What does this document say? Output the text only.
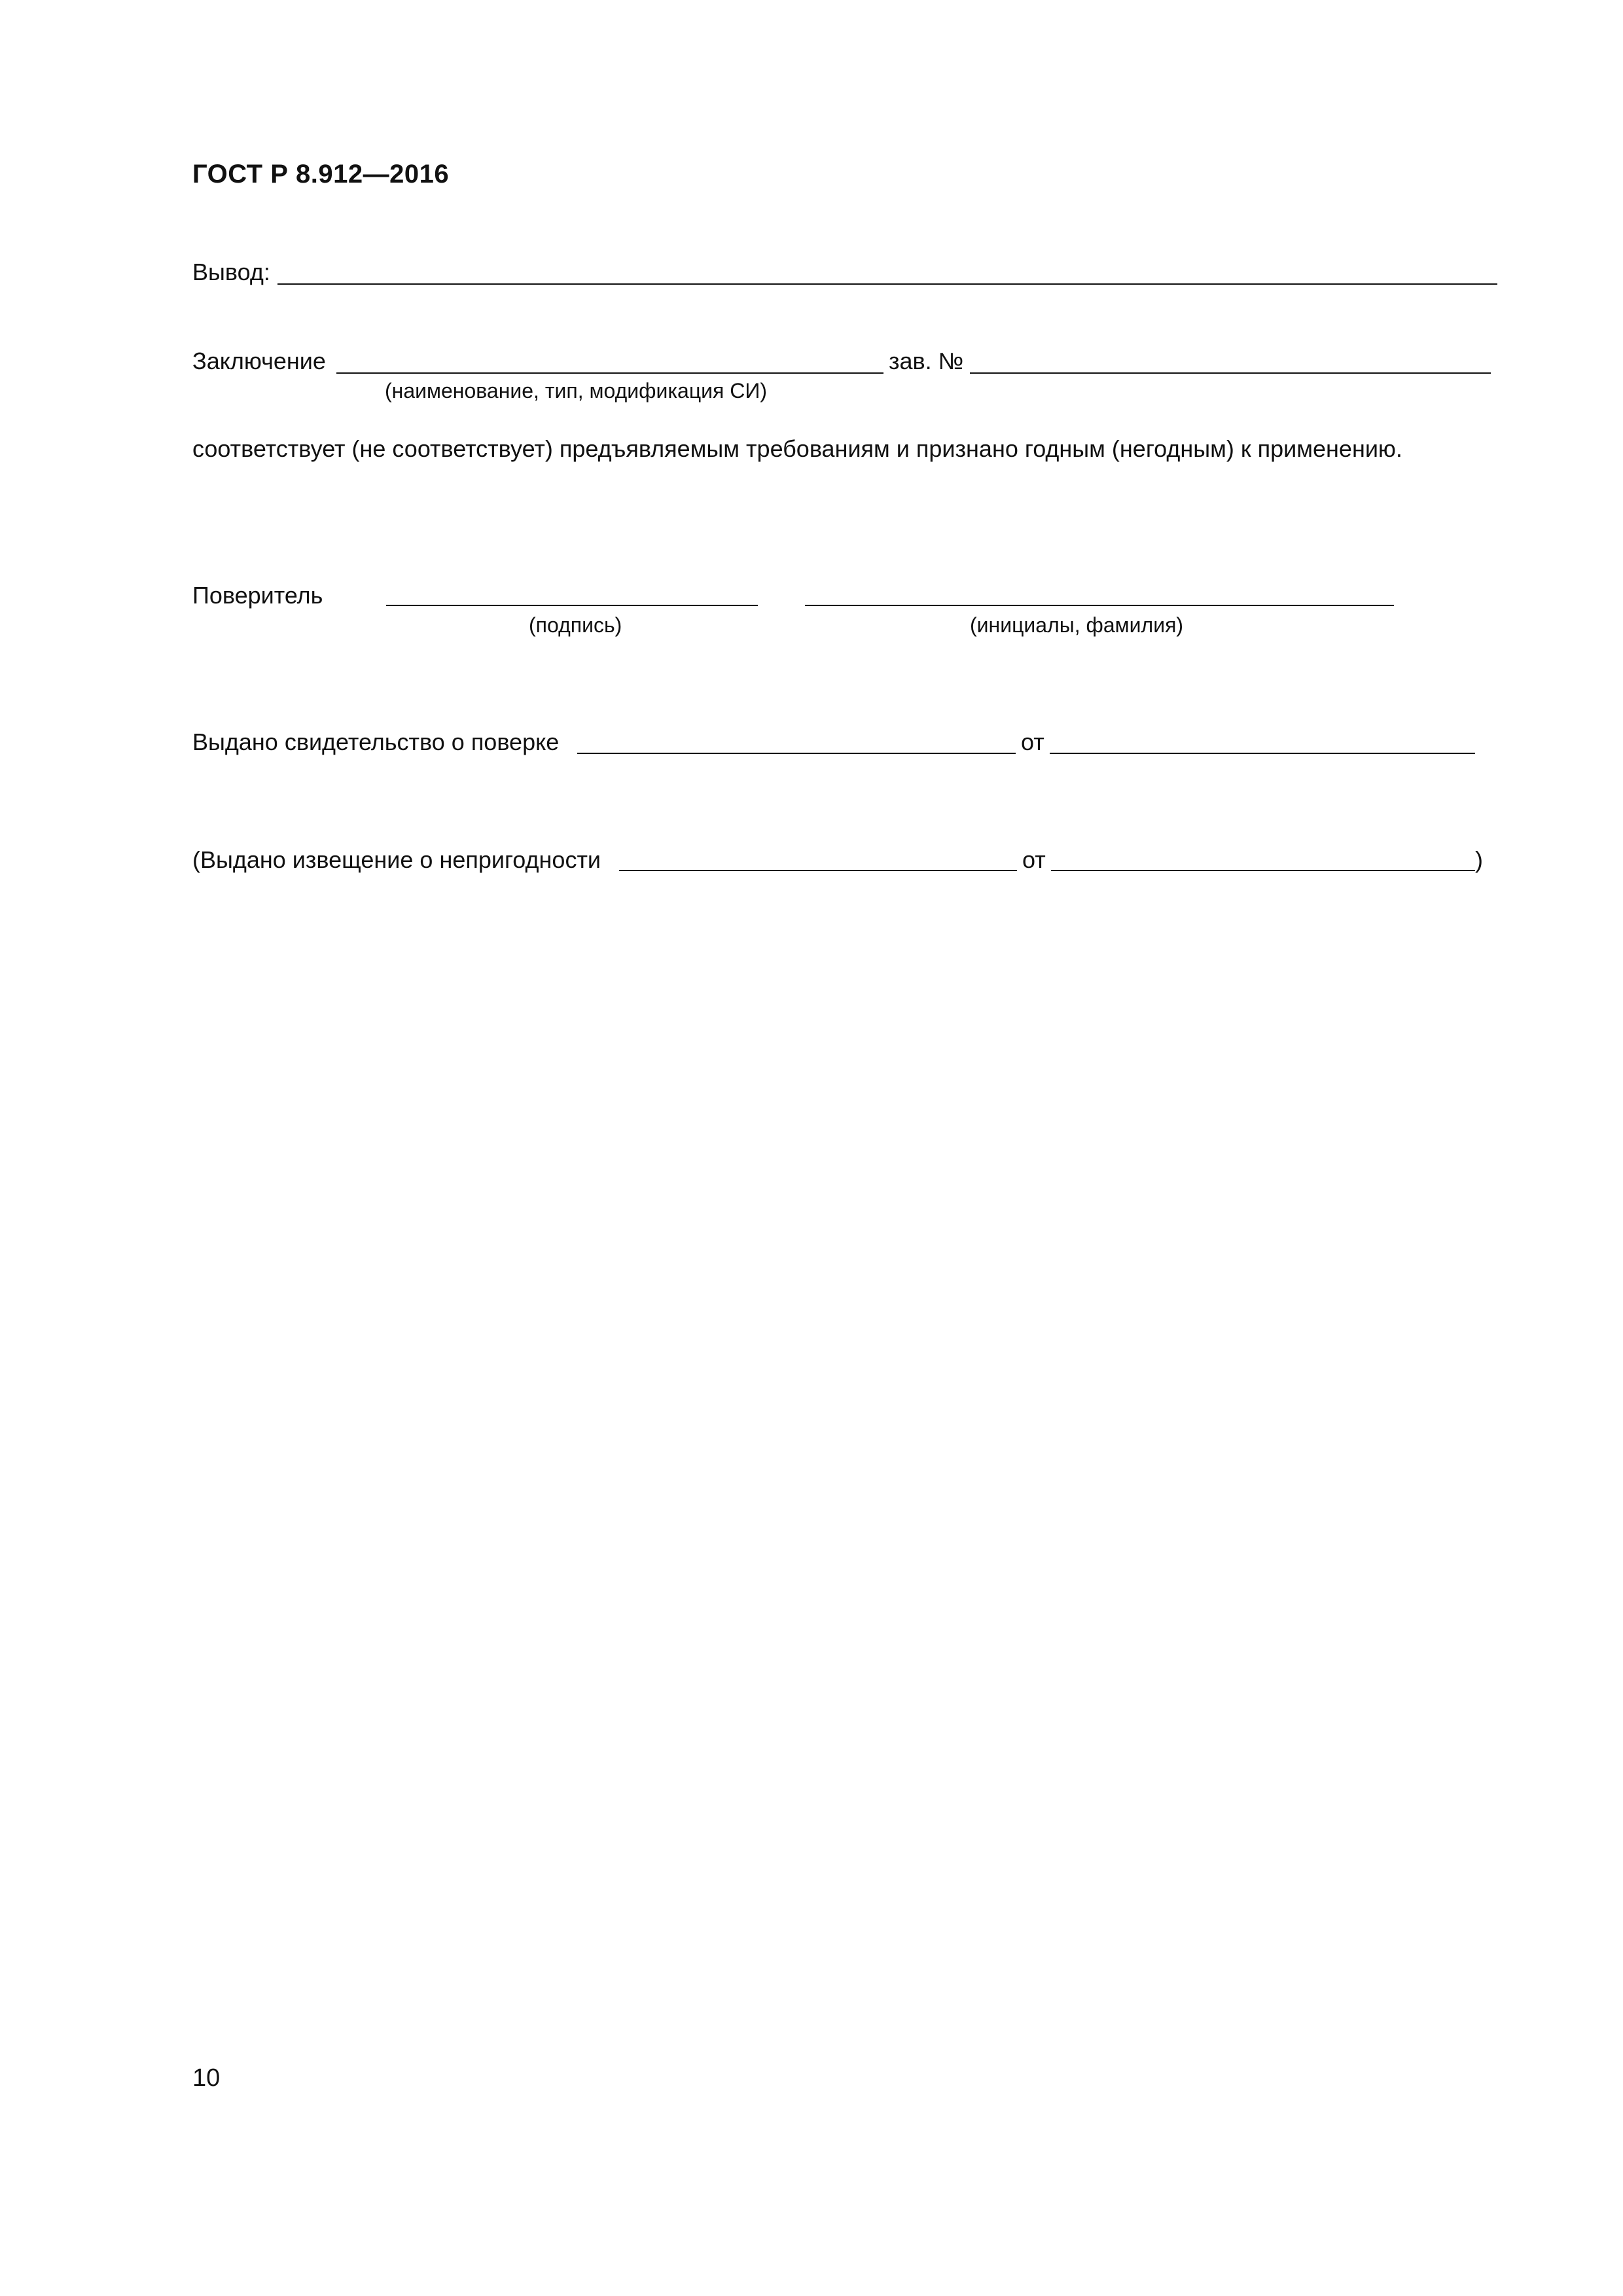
ГОСТ Р 8.912—2016
Вывод:
Заключение	зав. №
(наименование, тип, модификация СИ)
соответствует (не соответствует) предъявляемым требованиям и признано годным (негодным) к применению.
Поверитель
(подпись)	(инициалы, фамилия)
Выдано свидетельство о поверке	от
(Выдано извещение о непригодности	от	)
10
